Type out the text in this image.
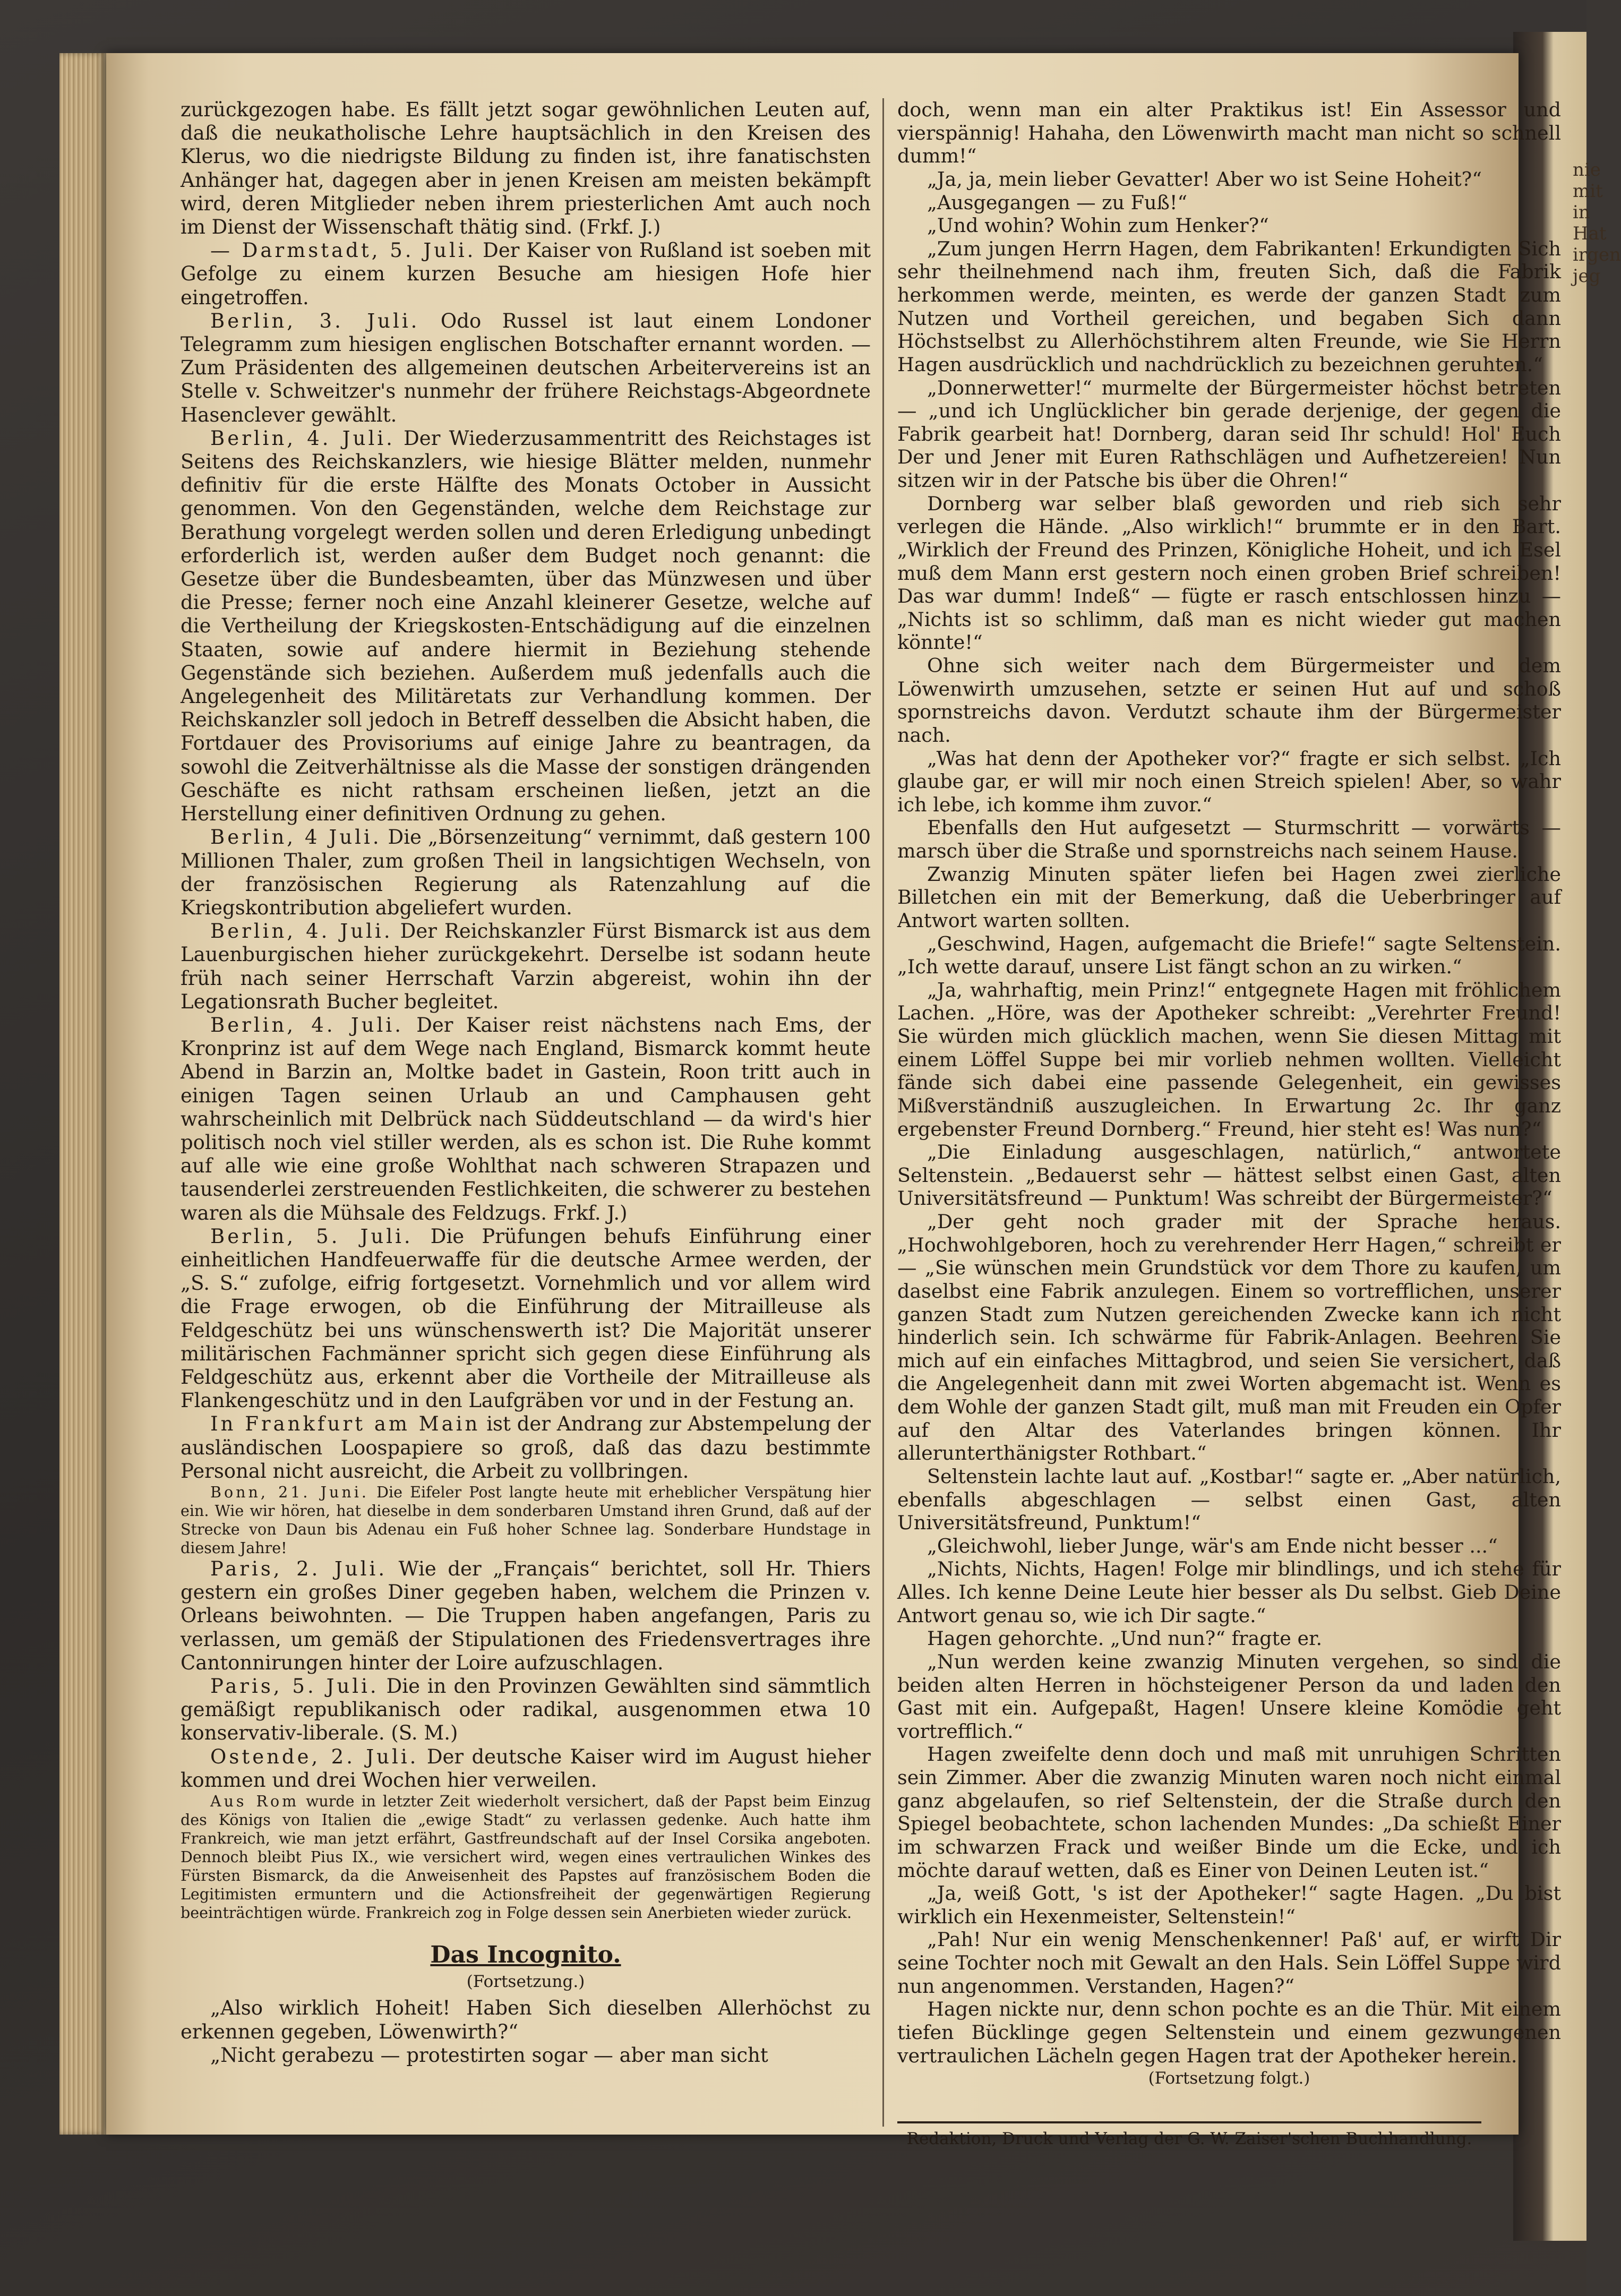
nie mit in Hat irgen jeg

zurückgezogen habe. Es fällt jetzt sogar gewöhnlichen Leuten auf, daß die neukatholische Lehre hauptsächlich in den Kreisen des Klerus, wo die niedrigste Bildung zu finden ist, ihre fanatischsten Anhänger hat, dagegen aber in jenen Kreisen am meisten bekämpft wird, deren Mitglieder neben ihrem priesterlichen Amt auch noch im Dienst der Wissenschaft thätig sind. (Frkf. J.)

— Darmstadt, 5. Juli. Der Kaiser von Rußland ist soeben mit Gefolge zu einem kurzen Besuche am hiesigen Hofe hier eingetroffen.

Berlin, 3. Juli. Odo Russel ist laut einem Londoner Telegramm zum hiesigen englischen Botschafter ernannt worden. — Zum Präsidenten des allgemeinen deutschen Arbeitervereins ist an Stelle v. Schweitzer's nunmehr der frühere Reichstags-Abgeordnete Hasenclever gewählt.

Berlin, 4. Juli. Der Wiederzusammentritt des Reichstages ist Seitens des Reichskanzlers, wie hiesige Blätter melden, nunmehr definitiv für die erste Hälfte des Monats October in Aussicht genommen. Von den Gegenständen, welche dem Reichstage zur Berathung vorgelegt werden sollen und deren Erledigung unbedingt erforderlich ist, werden außer dem Budget noch genannt: die Gesetze über die Bundesbeamten, über das Münzwesen und über die Presse; ferner noch eine Anzahl kleinerer Gesetze, welche auf die Vertheilung der Kriegskosten-Entschädigung auf die einzelnen Staaten, sowie auf andere hiermit in Beziehung stehende Gegenstände sich beziehen. Außerdem muß jedenfalls auch die Angelegenheit des Militäretats zur Verhandlung kommen. Der Reichskanzler soll jedoch in Betreff desselben die Absicht haben, die Fortdauer des Provisoriums auf einige Jahre zu beantragen, da sowohl die Zeitverhältnisse als die Masse der sonstigen drängenden Geschäfte es nicht rathsam erscheinen ließen, jetzt an die Herstellung einer definitiven Ordnung zu gehen.

Berlin, 4 Juli. Die „Börsenzeitung“ vernimmt, daß gestern 100 Millionen Thaler, zum großen Theil in langsichtigen Wechseln, von der französischen Regierung als Ratenzahlung auf die Kriegskontribution abgeliefert wurden.

Berlin, 4. Juli. Der Reichskanzler Fürst Bismarck ist aus dem Lauenburgischen hieher zurückgekehrt. Derselbe ist sodann heute früh nach seiner Herrschaft Varzin abgereist, wohin ihn der Legationsrath Bucher begleitet.

Berlin, 4. Juli. Der Kaiser reist nächstens nach Ems, der Kronprinz ist auf dem Wege nach England, Bismarck kommt heute Abend in Barzin an, Moltke badet in Gastein, Roon tritt auch in einigen Tagen seinen Urlaub an und Camphausen geht wahrscheinlich mit Delbrück nach Süddeutschland — da wird's hier politisch noch viel stiller werden, als es schon ist. Die Ruhe kommt auf alle wie eine große Wohlthat nach schweren Strapazen und tausenderlei zerstreuenden Festlichkeiten, die schwerer zu bestehen waren als die Mühsale des Feldzugs. Frkf. J.)

Berlin, 5. Juli. Die Prüfungen behufs Einführung einer einheitlichen Handfeuerwaffe für die deutsche Armee werden, der „S. S.“ zufolge, eifrig fortgesetzt. Vornehmlich und vor allem wird die Frage erwogen, ob die Einführung der Mitrailleuse als Feldgeschütz bei uns wünschenswerth ist? Die Majorität unserer militärischen Fachmänner spricht sich gegen diese Einführung als Feldgeschütz aus, erkennt aber die Vortheile der Mitrailleuse als Flankengeschütz und in den Laufgräben vor und in der Festung an.

In Frankfurt am Main ist der Andrang zur Abstempelung der ausländischen Loospapiere so groß, daß das dazu bestimmte Personal nicht ausreicht, die Arbeit zu vollbringen.

Bonn, 21. Juni. Die Eifeler Post langte heute mit erheblicher Verspätung hier ein. Wie wir hören, hat dieselbe in dem sonderbaren Umstand ihren Grund, daß auf der Strecke von Daun bis Adenau ein Fuß hoher Schnee lag. Sonderbare Hundstage in diesem Jahre!

Paris, 2. Juli. Wie der „Français“ berichtet, soll Hr. Thiers gestern ein großes Diner gegeben haben, welchem die Prinzen v. Orleans beiwohnten. — Die Truppen haben angefangen, Paris zu verlassen, um gemäß der Stipulationen des Friedensvertrages ihre Cantonnirungen hinter der Loire aufzuschlagen.

Paris, 5. Juli. Die in den Provinzen Gewählten sind sämmtlich gemäßigt republikanisch oder radikal, ausgenommen etwa 10 konservativ-liberale. (S. M.)

Ostende, 2. Juli. Der deutsche Kaiser wird im August hieher kommen und drei Wochen hier verweilen.

Aus Rom wurde in letzter Zeit wiederholt versichert, daß der Papst beim Einzug des Königs von Italien die „ewige Stadt“ zu verlassen gedenke. Auch hatte ihm Frankreich, wie man jetzt erfährt, Gastfreundschaft auf der Insel Corsika angeboten. Dennoch bleibt Pius IX., wie versichert wird, wegen eines vertraulichen Winkes des Fürsten Bismarck, da die Anweisenheit des Papstes auf französischem Boden die Legitimisten ermuntern und die Actionsfreiheit der gegenwärtigen Regierung beeinträchtigen würde. Frankreich zog in Folge dessen sein Anerbieten wieder zurück.

Das Incognito.
(Fortsetzung.)

„Also wirklich Hoheit! Haben Sich dieselben Allerhöchst zu erkennen gegeben, Löwenwirth?“

„Nicht gerabezu — protestirten sogar — aber man sicht

doch, wenn man ein alter Praktikus ist! Ein Assessor und vierspännig! Hahaha, den Löwenwirth macht man nicht so schnell dumm!“

„Ja, ja, mein lieber Gevatter! Aber wo ist Seine Hoheit?“

„Ausgegangen — zu Fuß!“

„Und wohin? Wohin zum Henker?“

„Zum jungen Herrn Hagen, dem Fabrikanten! Erkundigten Sich sehr theilnehmend nach ihm, freuten Sich, daß die Fabrik herkommen werde, meinten, es werde der ganzen Stadt zum Nutzen und Vortheil gereichen, und begaben Sich dann Höchstselbst zu Allerhöchstihrem alten Freunde, wie Sie Herrn Hagen ausdrücklich und nachdrücklich zu bezeichnen geruhten.“

„Donnerwetter!“ murmelte der Bürgermeister höchst betreten — „und ich Unglücklicher bin gerade derjenige, der gegen die Fabrik gearbeit hat! Dornberg, daran seid Ihr schuld! Hol' Euch Der und Jener mit Euren Rathschlägen und Aufhetzereien! Nun sitzen wir in der Patsche bis über die Ohren!“

Dornberg war selber blaß geworden und rieb sich sehr verlegen die Hände. „Also wirklich!“ brummte er in den Bart. „Wirklich der Freund des Prinzen, Königliche Hoheit, und ich Esel muß dem Mann erst gestern noch einen groben Brief schreiben! Das war dumm! Indeß“ — fügte er rasch entschlossen hinzu — „Nichts ist so schlimm, daß man es nicht wieder gut machen könnte!“

Ohne sich weiter nach dem Bürgermeister und dem Löwenwirth umzusehen, setzte er seinen Hut auf und schoß spornstreichs davon. Verdutzt schaute ihm der Bürgermeister nach.

„Was hat denn der Apotheker vor?“ fragte er sich selbst. „Ich glaube gar, er will mir noch einen Streich spielen! Aber, so wahr ich lebe, ich komme ihm zuvor.“

Ebenfalls den Hut aufgesetzt — Sturmschritt — vorwärts — marsch über die Straße und spornstreichs nach seinem Hause.

Zwanzig Minuten später liefen bei Hagen zwei zierliche Billetchen ein mit der Bemerkung, daß die Ueberbringer auf Antwort warten sollten.

„Geschwind, Hagen, aufgemacht die Briefe!“ sagte Seltenstein. „Ich wette darauf, unsere List fängt schon an zu wirken.“

„Ja, wahrhaftig, mein Prinz!“ entgegnete Hagen mit fröhlichem Lachen. „Höre, was der Apotheker schreibt: „Verehrter Freund! Sie würden mich glücklich machen, wenn Sie diesen Mittag mit einem Löffel Suppe bei mir vorlieb nehmen wollten. Vielleicht fände sich dabei eine passende Gelegenheit, ein gewisses Mißverständniß auszugleichen. In Erwartung 2c. Ihr ganz ergebenster Freund Dornberg.“ Freund, hier steht es! Was nun?“

„Die Einladung ausgeschlagen, natürlich,“ antwortete Seltenstein. „Bedauerst sehr — hättest selbst einen Gast, alten Universitätsfreund — Punktum! Was schreibt der Bürgermeister?“

„Der geht noch grader mit der Sprache heraus. „Hochwohlgeboren, hoch zu verehrender Herr Hagen,“ schreibt er — „Sie wünschen mein Grundstück vor dem Thore zu kaufen, um daselbst eine Fabrik anzulegen. Einem so vortrefflichen, unserer ganzen Stadt zum Nutzen gereichenden Zwecke kann ich nicht hinderlich sein. Ich schwärme für Fabrik-Anlagen. Beehren Sie mich auf ein einfaches Mittagbrod, und seien Sie versichert, daß die Angelegenheit dann mit zwei Worten abgemacht ist. Wenn es dem Wohle der ganzen Stadt gilt, muß man mit Freuden ein Opfer auf den Altar des Vaterlandes bringen können. Ihr allerunterthänigster Rothbart.“

Seltenstein lachte laut auf. „Kostbar!“ sagte er. „Aber natürlich, ebenfalls abgeschlagen — selbst einen Gast, alten Universitätsfreund, Punktum!“

„Gleichwohl, lieber Junge, wär's am Ende nicht besser ...“

„Nichts, Nichts, Hagen! Folge mir blindlings, und ich stehe für Alles. Ich kenne Deine Leute hier besser als Du selbst. Gieb Deine Antwort genau so, wie ich Dir sagte.“

Hagen gehorchte. „Und nun?“ fragte er.

„Nun werden keine zwanzig Minuten vergehen, so sind die beiden alten Herren in höchsteigener Person da und laden den Gast mit ein. Aufgepaßt, Hagen! Unsere kleine Komödie geht vortrefflich.“

Hagen zweifelte denn doch und maß mit unruhigen Schritten sein Zimmer. Aber die zwanzig Minuten waren noch nicht einmal ganz abgelaufen, so rief Seltenstein, der die Straße durch den Spiegel beobachtete, schon lachenden Mundes: „Da schießt Einer im schwarzen Frack und weißer Binde um die Ecke, und ich möchte darauf wetten, daß es Einer von Deinen Leuten ist.“

„Ja, weiß Gott, 's ist der Apotheker!“ sagte Hagen. „Du bist wirklich ein Hexenmeister, Seltenstein!“

„Pah! Nur ein wenig Menschenkenner! Paß' auf, er wirft Dir seine Tochter noch mit Gewalt an den Hals. Sein Löffel Suppe wird nun angenommen. Verstanden, Hagen?“

Hagen nickte nur, denn schon pochte es an die Thür. Mit einem tiefen Bücklinge gegen Seltenstein und einem gezwungenen vertraulichen Lächeln gegen Hagen trat der Apotheker herein.

(Fortsetzung folgt.)
Redaktion, Druck und Verlag der G. W. Zaiser'schen Buchhandlung.
